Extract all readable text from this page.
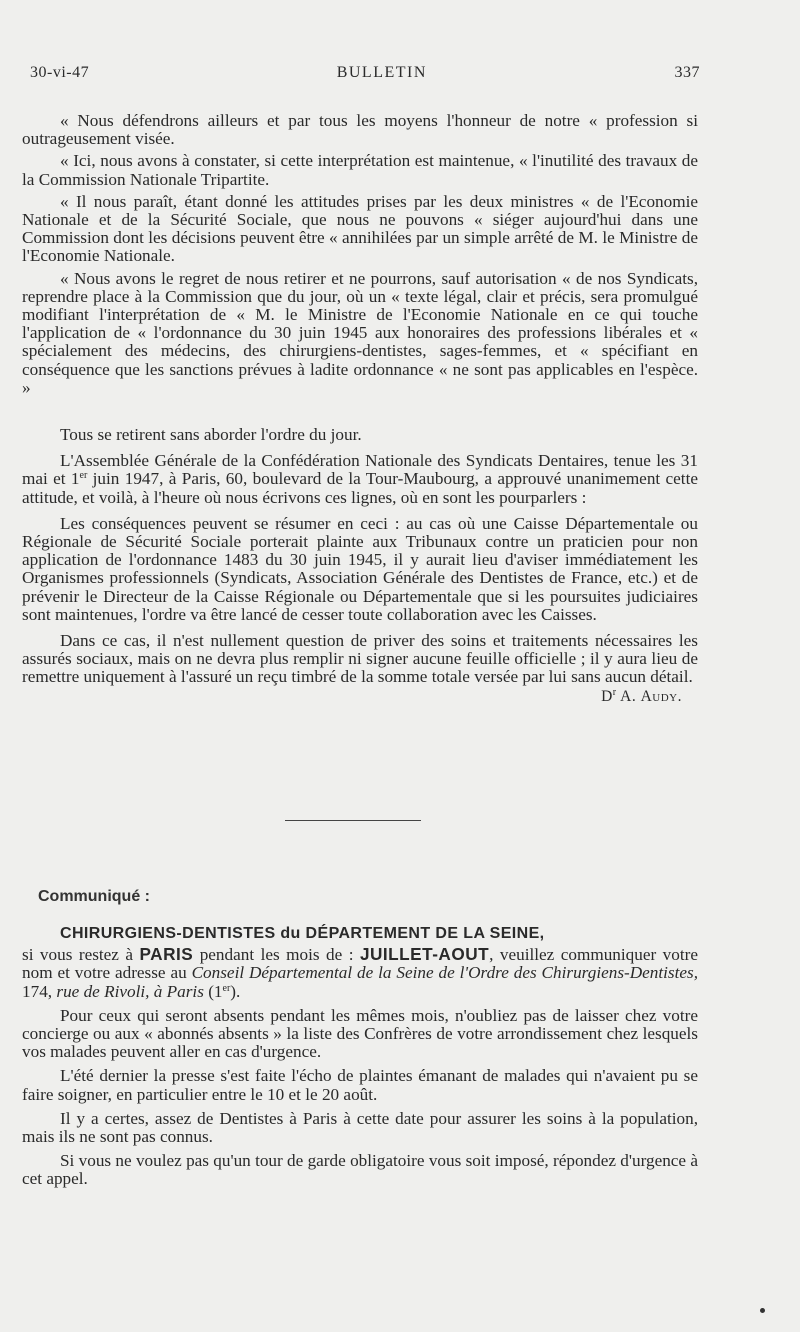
30-vi-47	BULLETIN	337

« Nous défendrons ailleurs et par tous les moyens l'honneur de notre « profession si outrageusement visée.

« Ici, nous avons à constater, si cette interprétation est maintenue, « l'inutilité des travaux de la Commission Nationale Tripartite.

« Il nous paraît, étant donné les attitudes prises par les deux ministres « de l'Economie Nationale et de la Sécurité Sociale, que nous ne pouvons « siéger aujourd'hui dans une Commission dont les décisions peuvent être « annihilées par un simple arrêté de M. le Ministre de l'Economie Nationale.

« Nous avons le regret de nous retirer et ne pourrons, sauf autorisation « de nos Syndicats, reprendre place à la Commission que du jour, où un « texte légal, clair et précis, sera promulgué modifiant l'interprétation de « M. le Ministre de l'Economie Nationale en ce qui touche l'application de « l'ordonnance du 30 juin 1945 aux honoraires des professions libérales et « spécialement des médecins, des chirurgiens-dentistes, sages-femmes, et « spécifiant en conséquence que les sanctions prévues à ladite ordonnance « ne sont pas applicables en l'espèce. »

Tous se retirent sans aborder l'ordre du jour.

L'Assemblée Générale de la Confédération Nationale des Syndicats Dentaires, tenue les 31 mai et 1er juin 1947, à Paris, 60, boulevard de la Tour-Maubourg, a approuvé unanimement cette attitude, et voilà, à l'heure où nous écrivons ces lignes, où en sont les pourparlers :

Les conséquences peuvent se résumer en ceci : au cas où une Caisse Départementale ou Régionale de Sécurité Sociale porterait plainte aux Tribunaux contre un praticien pour non application de l'ordonnance 1483 du 30 juin 1945, il y aurait lieu d'aviser immédiatement les Organismes professionnels (Syndicats, Association Générale des Dentistes de France, etc.) et de prévenir le Directeur de la Caisse Régionale ou Départementale que si les poursuites judiciaires sont maintenues, l'ordre va être lancé de cesser toute collaboration avec les Caisses.

Dans ce cas, il n'est nullement question de priver des soins et traitements nécessaires les assurés sociaux, mais on ne devra plus remplir ni signer aucune feuille officielle ; il y aura lieu de remettre uniquement à l'assuré un reçu timbré de la somme totale versée par lui sans aucun détail.

$D^r$ A. Audy.
Communiqué :

CHIRURGIENS-DENTISTES du DÉPARTEMENT DE LA SEINE,

si vous restez à PARIS pendant les mois de : JUILLET-AOUT, veuillez communiquer votre nom et votre adresse au Conseil Départemental de la Seine de l'Ordre des Chirurgiens-Dentistes, 174, rue de Rivoli, à Paris (1er).

Pour ceux qui seront absents pendant les mêmes mois, n'oubliez pas de laisser chez votre concierge ou aux « abonnés absents » la liste des Confrères de votre arrondissement chez lesquels vos malades peuvent aller en cas d'urgence.

L'été dernier la presse s'est faite l'écho de plaintes émanant de malades qui n'avaient pu se faire soigner, en particulier entre le 10 et le 20 août.

Il y a certes, assez de Dentistes à Paris à cette date pour assurer les soins à la population, mais ils ne sont pas connus.

Si vous ne voulez pas qu'un tour de garde obligatoire vous soit imposé, répondez d'urgence à cet appel.
